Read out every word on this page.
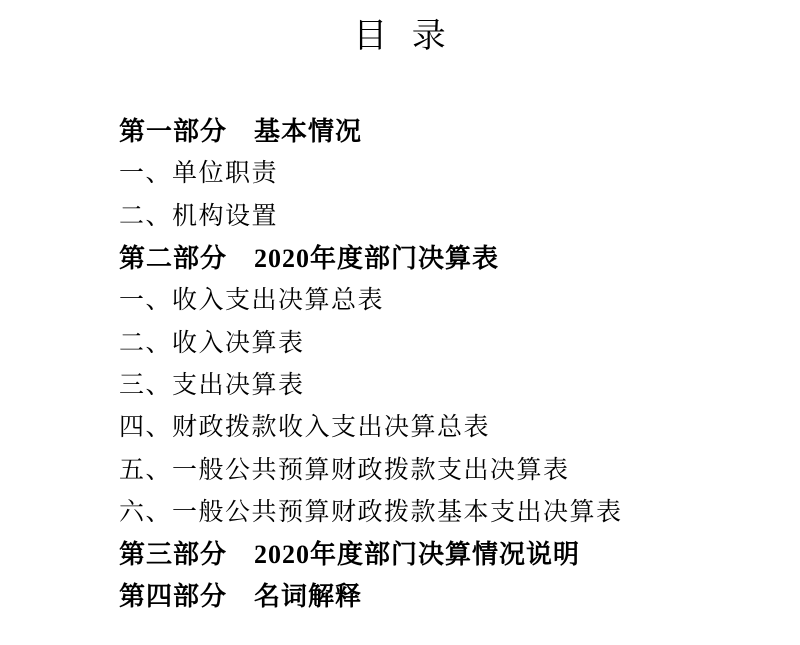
目 录
第一部分　基本情况
一、单位职责
二、机构设置
第二部分　2020年度部门决算表
一、收入支出决算总表
二、收入决算表
三、支出决算表
四、财政拨款收入支出决算总表
五、一般公共预算财政拨款支出决算表
六、一般公共预算财政拨款基本支出决算表
第三部分　2020年度部门决算情况说明
第四部分　名词解释
